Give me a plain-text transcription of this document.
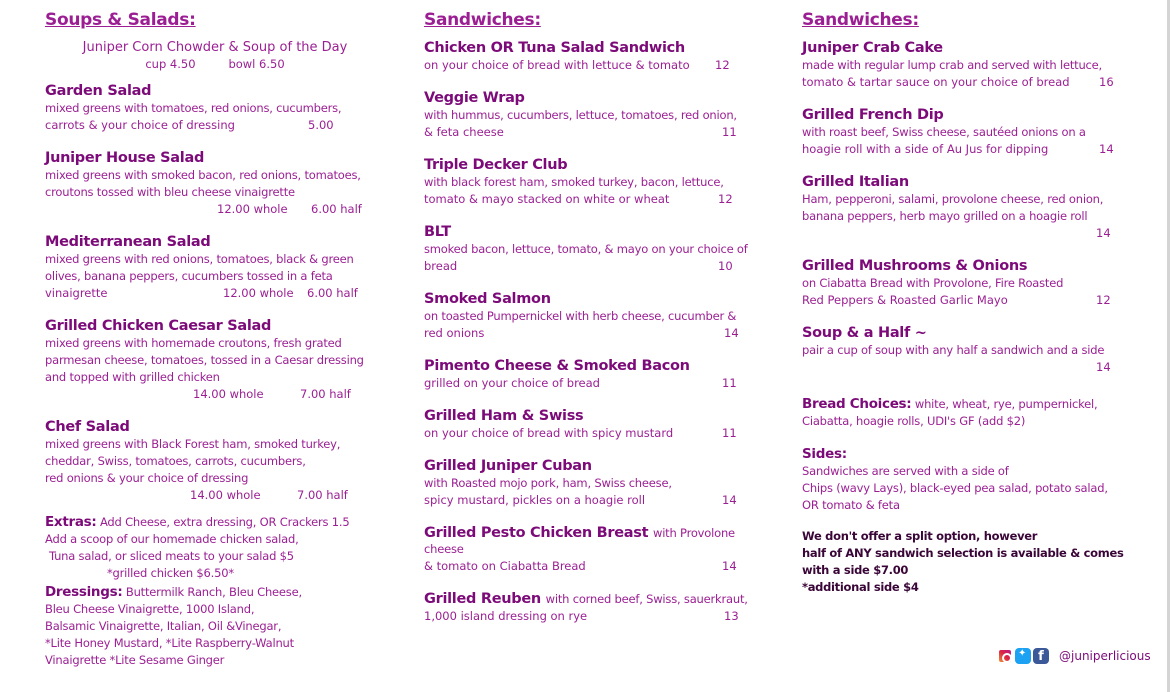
Soups & Salads:
Juniper Corn Chowder & Soup of the Day
cup 4.50	bowl 6.50
Garden Salad
mixed greens with tomatoes, red onions, cucumbers,
carrots & your choice of dressing	5.00
Juniper House Salad
mixed greens with smoked bacon, red onions, tomatoes,
croutons tossed with bleu cheese vinaigrette
12.00 whole 6.00 half
Mediterranean Salad
mixed greens with red onions, tomatoes, black & green
olives, banana peppers, cucumbers tossed in a feta
vinaigrette	12.00 whole 6.00 half
Grilled Chicken Caesar Salad
mixed greens with homemade croutons, fresh grated
parmesan cheese, tomatoes, tossed in a Caesar dressing
and topped with grilled chicken
14.00 whole	7.00 half
Chef Salad
mixed greens with Black Forest ham, smoked turkey,
cheddar, Swiss, tomatoes, carrots, cucumbers,
red onions & your choice of dressing
14.00 whole	7.00 half
Extras: Add Cheese, extra dressing, OR Crackers 1.5
Add a scoop of our homemade chicken salad,
Tuna salad, or sliced meats to your salad $5
*grilled chicken $6.50*
Dressings: Buttermilk Ranch, Bleu Cheese,
Bleu Cheese Vinaigrette, 1000 Island,
Balsamic Vinaigrette, Italian, Oil &Vinegar,
*Lite Honey Mustard, *Lite Raspberry-Walnut
Vinaigrette *Lite Sesame Ginger
Sandwiches:
Chicken OR Tuna Salad Sandwich
on your choice of bread with lettuce & tomato 12
Veggie Wrap
with hummus, cucumbers, lettuce, tomatoes, red onion,
& feta cheese	11
Triple Decker Club
with black forest ham, smoked turkey, bacon, lettuce,
tomato & mayo stacked on white or wheat	12
BLT
smoked bacon, lettuce, tomato, & mayo on your choice of
bread	10
Smoked Salmon
on toasted Pumpernickel with herb cheese, cucumber &
red onions	14
Pimento Cheese & Smoked Bacon
grilled on your choice of bread	11
Grilled Ham & Swiss
on your choice of bread with spicy mustard	11
Grilled Juniper Cuban
with Roasted mojo pork, ham, Swiss cheese,
spicy mustard, pickles on a hoagie roll	14
Grilled Pesto Chicken Breast with Provolone cheese
& tomato on Ciabatta Bread	14
Grilled Reuben with corned beef, Swiss, sauerkraut,
1,000 island dressing on rye	13
Sandwiches:
Juniper Crab Cake
made with regular lump crab and served with lettuce,
tomato & tartar sauce on your choice of bread	16
Grilled French Dip
with roast beef, Swiss cheese, sautéed onions on a
hoagie roll with a side of Au Jus for dipping	14
Grilled Italian
Ham, pepperoni, salami, provolone cheese, red onion,
banana peppers, herb mayo grilled on a hoagie roll
14
Grilled Mushrooms & Onions
on Ciabatta Bread with Provolone, Fire Roasted
Red Peppers & Roasted Garlic Mayo	12
Soup & a Half ~
pair a cup of soup with any half a sandwich and a side
14
Bread Choices: white, wheat, rye, pumpernickel,
Ciabatta, hoagie rolls, UDI's GF (add $2)
Sides:
Sandwiches are served with a side of
Chips (wavy Lays), black-eyed pea salad, potato salad,
OR tomato & feta
We don't offer a split option, however
half of ANY sandwich selection is available & comes
with a side $7.00
*additional side $4
✦
f	@juniperlicious
